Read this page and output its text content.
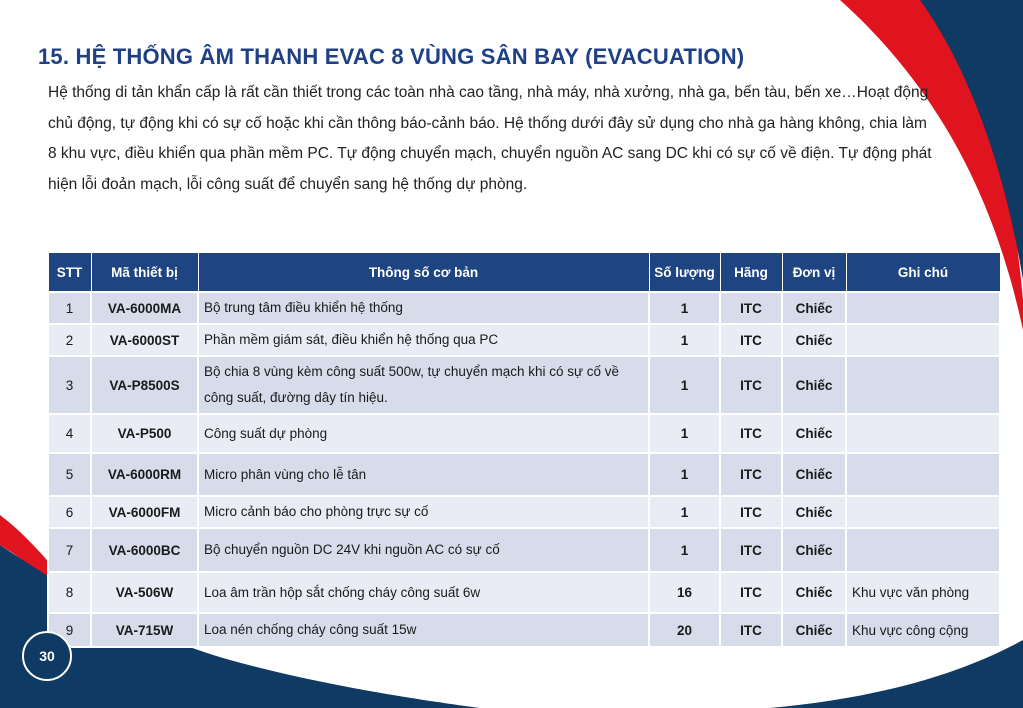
15. HỆ THỐNG ÂM THANH EVAC 8 VÙNG SÂN BAY (EVACUATION)

Hệ thống di tản khẩn cấp là rất cần thiết trong các toàn nhà cao tầng, nhà máy, nhà xưởng, nhà ga, bến tàu, bến xe…Hoạt động chủ động, tự động khi có sự cố hoặc khi cần thông báo-cảnh báo. Hệ thống dưới đây sử dụng cho nhà ga hàng không, chia làm 8 khu vực, điều khiển qua phần mềm PC. Tự động chuyển mạch, chuyển nguồn AC sang DC khi có sự cố về điện. Tự động phát hiện lỗi đoản mạch, lỗi công suất để chuyển sang hệ thống dự phòng.

STT	Mã thiết bị	Thông số cơ bản	Số lượng	Hãng	Đơn vị	Ghi chú
1	VA-6000MA	Bộ trung tâm điều khiển hệ thống	1	ITC	Chiếc	
2	VA-6000ST	Phần mềm giám sát, điều khiển hệ thống qua PC	1	ITC	Chiếc	
3	VA-P8500S	Bộ chia 8 vùng kèm công suất 500w, tự chuyển mạch khi có sự cố về công suất, đường dây tín hiệu.	1	ITC	Chiếc	
4	VA-P500	Công suất dự phòng	1	ITC	Chiếc	
5	VA-6000RM	Micro phân vùng cho lễ tân	1	ITC	Chiếc	
6	VA-6000FM	Micro cảnh báo cho phòng trực sự cố	1	ITC	Chiếc	
7	VA-6000BC	Bộ chuyển nguồn DC 24V khi nguồn AC có sự cố	1	ITC	Chiếc	
8	VA-506W	Loa âm trần hộp sắt chống cháy công suất 6w	16	ITC	Chiếc	Khu vực văn phòng
9	VA-715W	Loa nén chống cháy công suất 15w	20	ITC	Chiếc	Khu vực công cộng
30
